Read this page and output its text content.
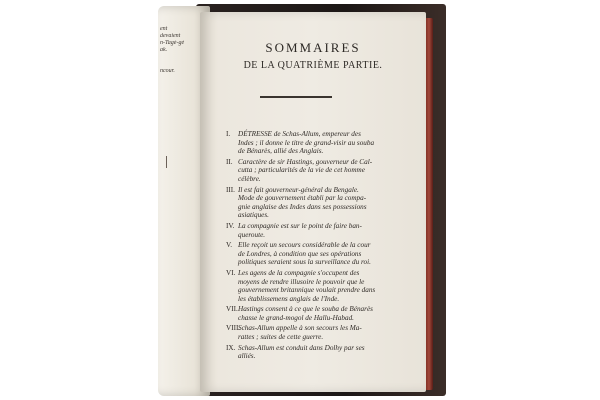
ent
devaient
n-Tagè-gé
ak.

ncour.
SOMMAIRES
DE LA QUATRIÈME PARTIE.
I.	DÉTRESSE de Schas-Allum, empereur des
Indes ; il donne le titre de grand-visir au souba
de Bénarès, allié des Anglais.
II. Caractère de sir Hastings, gouverneur de Cal-
cutta ; particularités de la vie de cet homme
célèbre.
III. Il est fait gouverneur-général du Bengale.
Mode de gouvernement établi par la compa-
gnie anglaise des Indes dans ses possessions
asiatiques.
IV. La compagnie est sur le point de faire ban-
queroute.
V. Elle reçoit un secours considérable de la cour
de Londres, à condition que ses opérations
politiques seraient sous la surveillance du roi.
VI. Les agens de la compagnie s'occupent des
moyens de rendre illusoire le pouvoir que le
gouvernement britannique voulait prendre dans
les établissemens anglais de l'Inde.
VII. Hastings consent à ce que le souba de Bénarès
chasse le grand-mogol de Hallu-Habad.
VIII.
Schas-Allum appelle à son secours les Ma-
rattes ; suites de cette guerre.
IX. Schas-Allum est conduit dans Dolhy par ses
alliés.
